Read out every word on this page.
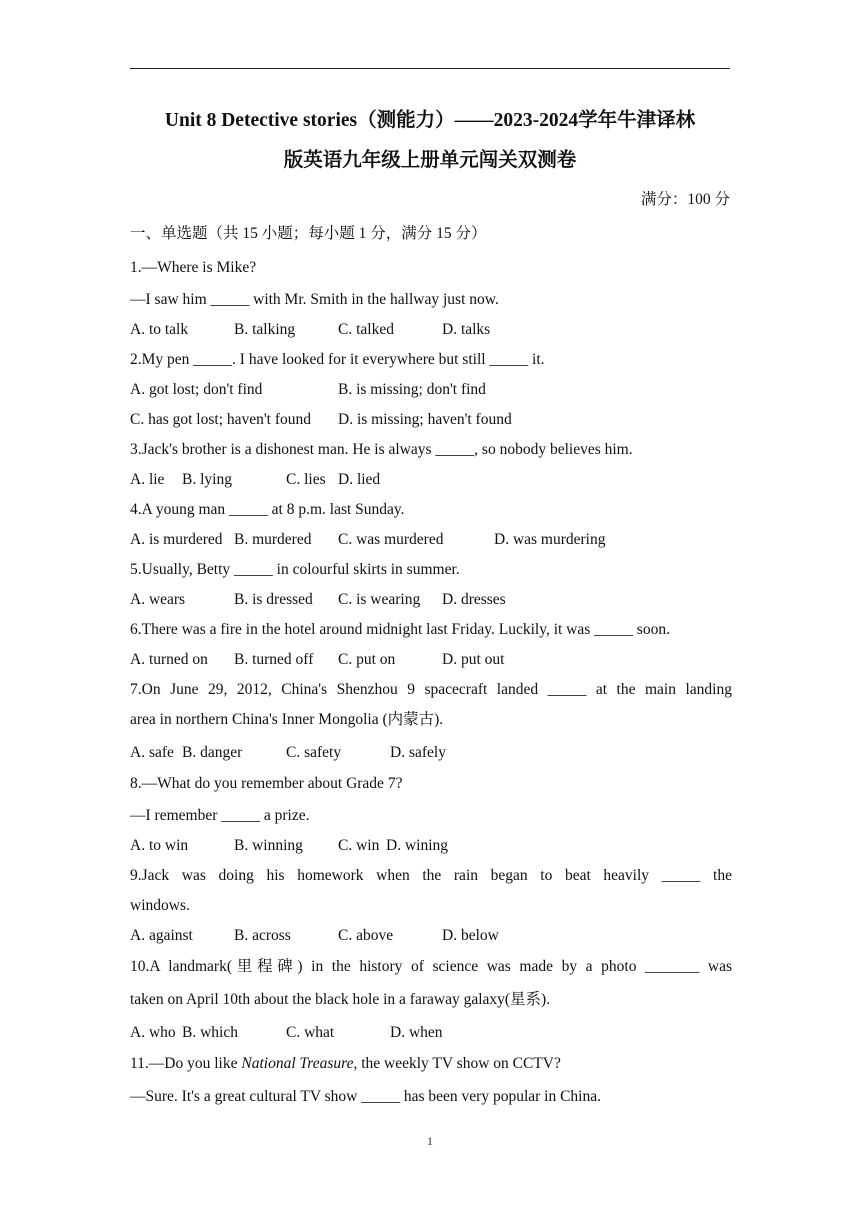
Unit 8 Detective stories（测能力）——2023-2024学年牛津译林
版英语九年级上册单元闯关双测卷
满分：100 分
一、单选题（共 15 小题；每小题 1 分，满分 15 分）
1.—Where is Mike?
—I saw him _____ with Mr. Smith in the hallway just now.
A. to talk	B. talking	C. talked	D. talks
2.My pen _____. I have looked for it everywhere but still _____ it.
A. got lost; don't find	B. is missing; don't find
C. has got lost; haven't found D. is missing; haven't found
3.Jack's brother is a dishonest man. He is always _____, so nobody believes him.
A. lie B. lying	C. lies D. lied
4.A young man _____ at 8 p.m. last Sunday.
A. is murdered B. murdered C. was murdered	D. was murdering
5.Usually, Betty _____ in colourful skirts in summer.
A. wears	B. is dressed C. is wearing D. dresses
6.There was a fire in the hotel around midnight last Friday. Luckily, it was _____ soon.
A. turned on B. turned off C. put on	D. put out
7.On June 29, 2012, China's Shenzhou 9 spacecraft landed _____ at the main landing
area in northern China's Inner Mongolia (内蒙古).
A. safe B. danger	C. safety	D. safely
8.—What do you remember about Grade 7?
—I remember _____ a prize.
A. to win	B. winning C. win D. wining
9.Jack was doing his homework when the rain began to beat heavily _____ the
windows.
A. against	B. across	C. above	D. below
10.A landmark(里程碑) in the history of science was made by a photo _______ was
taken on April 10th about the black hole in a faraway galaxy(星系).
A. who B. which	C. what	D. when
11.—Do you like National Treasure, the weekly TV show on CCTV?
—Sure. It's a great cultural TV show _____ has been very popular in China.
1
